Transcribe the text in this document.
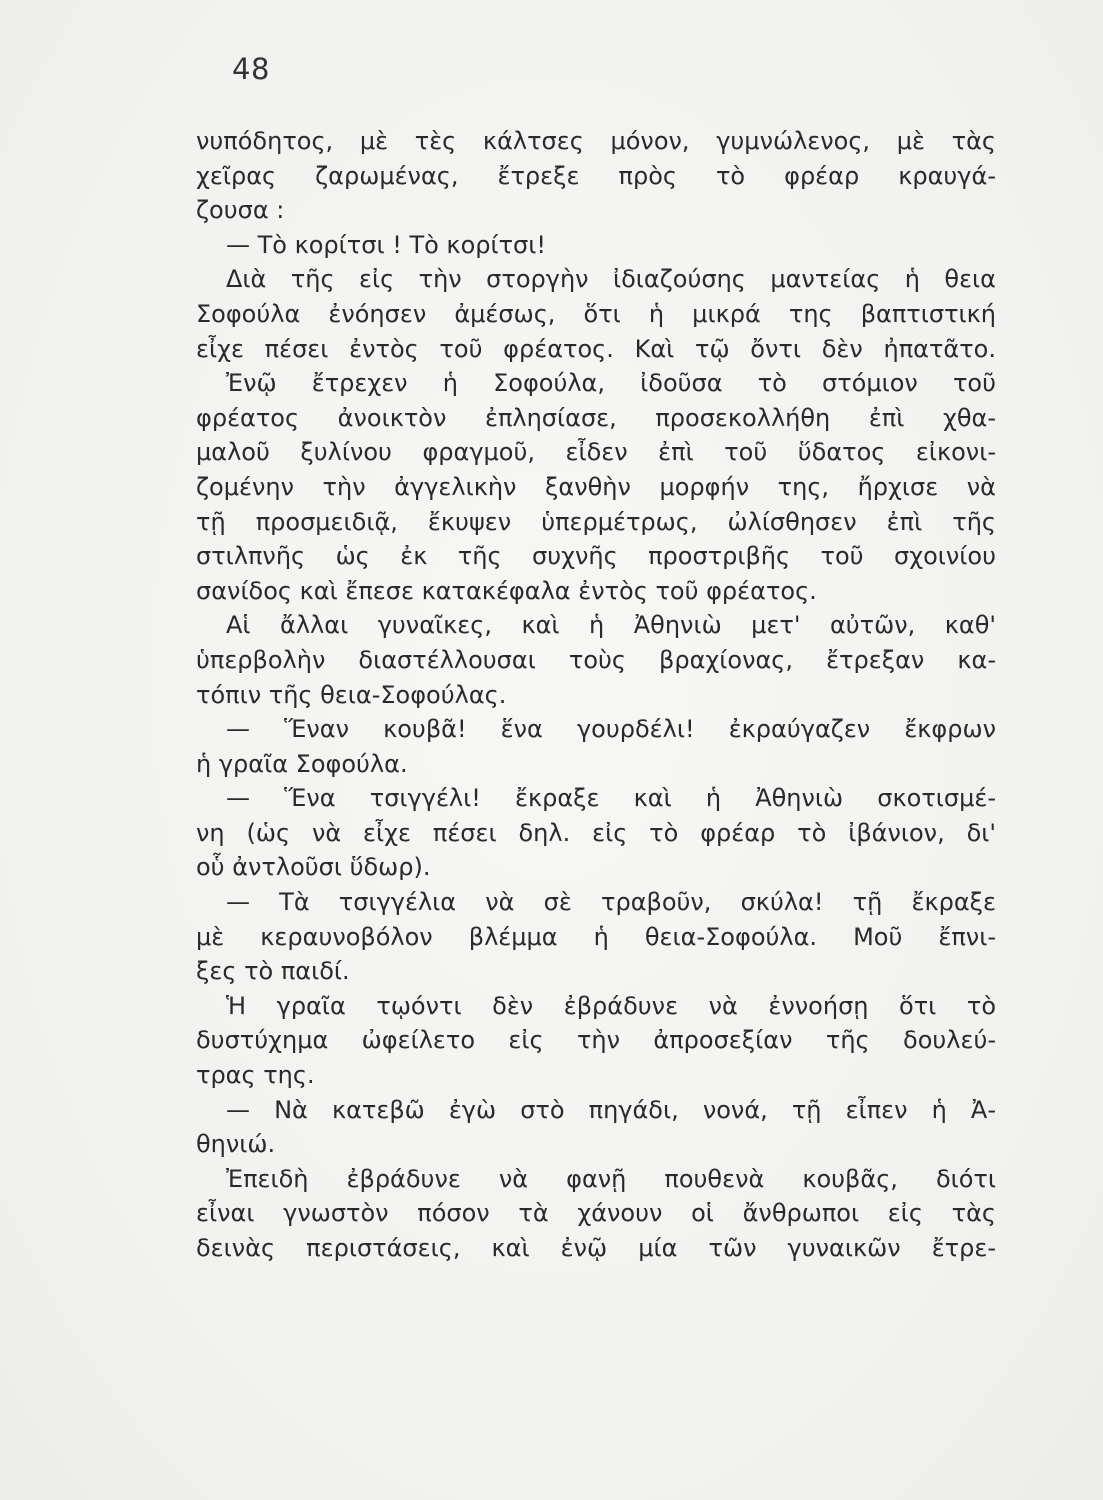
48
νυπόδητος, μὲ τὲς κάλτσες μόνον, γυμνώλενος, μὲ τὰς
χεῖρας ζαρωμένας, ἔτρεξε πρὸς τὸ φρέαρ κραυγά-
ζουσα :
— Τὸ κορίτσι ! Τὸ κορίτσι!
Διὰ τῆς εἰς τὴν στοργὴν ἰδιαζούσης μαντείας ἡ θεια
Σοφούλα ἐνόησεν ἀμέσως, ὅτι ἡ μικρά της βαπτιστική
εἶχε πέσει ἐντὸς τοῦ φρέατος. Καὶ τῷ ὄντι δὲν ἠπατᾶτο.
Ἐνῷ ἔτρεχεν ἡ Σοφούλα, ἰδοῦσα τὸ στόμιον τοῦ
φρέατος ἀνοικτὸν ἐπλησίασε, προσεκολλήθη ἐπὶ χθα-
μαλοῦ ξυλίνου φραγμοῦ, εἶδεν ἐπὶ τοῦ ὕδατος εἰκονι-
ζομένην τὴν ἀγγελικὴν ξανθὴν μορφήν της, ἤρχισε νὰ
τῇ προσμειδιᾷ, ἔκυψεν ὑπερμέτρως, ὠλίσθησεν ἐπὶ τῆς
στιλπνῆς ὡς ἐκ τῆς συχνῆς προστριβῆς τοῦ σχοινίου
σανίδος καὶ ἔπεσε κατακέφαλα ἐντὸς τοῦ φρέατος.
Αἱ ἄλλαι γυναῖκες, καὶ ἡ Ἀθηνιὼ μετ' αὐτῶν, καθ'
ὑπερβολὴν διαστέλλουσαι τοὺς βραχίονας, ἔτρεξαν κα-
τόπιν τῆς θεια-Σοφούλας.
— Ἕναν κουβᾶ! ἕνα γουρδέλι! ἐκραύγαζεν ἔκφρων
ἡ γραῖα Σοφούλα.
— Ἕνα τσιγγέλι! ἔκραξε καὶ ἡ Ἀθηνιὼ σκοτισμέ-
νη (ὡς νὰ εἶχε πέσει δηλ. εἰς τὸ φρέαρ τὸ ἰβάνιον, δι'
οὗ ἀντλοῦσι ὕδωρ).
— Τὰ τσιγγέλια νὰ σὲ τραβοῦν, σκύλα! τῇ ἔκραξε
μὲ κεραυνοβόλον βλέμμα ἡ θεια-Σοφούλα. Μοῦ ἔπνι-
ξες τὸ παιδί.
Ἡ γραῖα τῳόντι δὲν ἐβράδυνε νὰ ἐννοήσῃ ὅτι τὸ
δυστύχημα ὠφείλετο εἰς τὴν ἀπροσεξίαν τῆς δουλεύ-
τρας της.
— Νὰ κατεβῶ ἐγὼ στὸ πηγάδι, νονά, τῇ εἶπεν ἡ Ἀ-
θηνιώ.
Ἐπειδὴ ἐβράδυνε νὰ φανῇ πουθενὰ κουβᾶς, διότι
εἶναι γνωστὸν πόσον τὰ χάνουν οἱ ἄνθρωποι εἰς τὰς
δεινὰς περιστάσεις, καὶ ἐνῷ μία τῶν γυναικῶν ἔτρε-
